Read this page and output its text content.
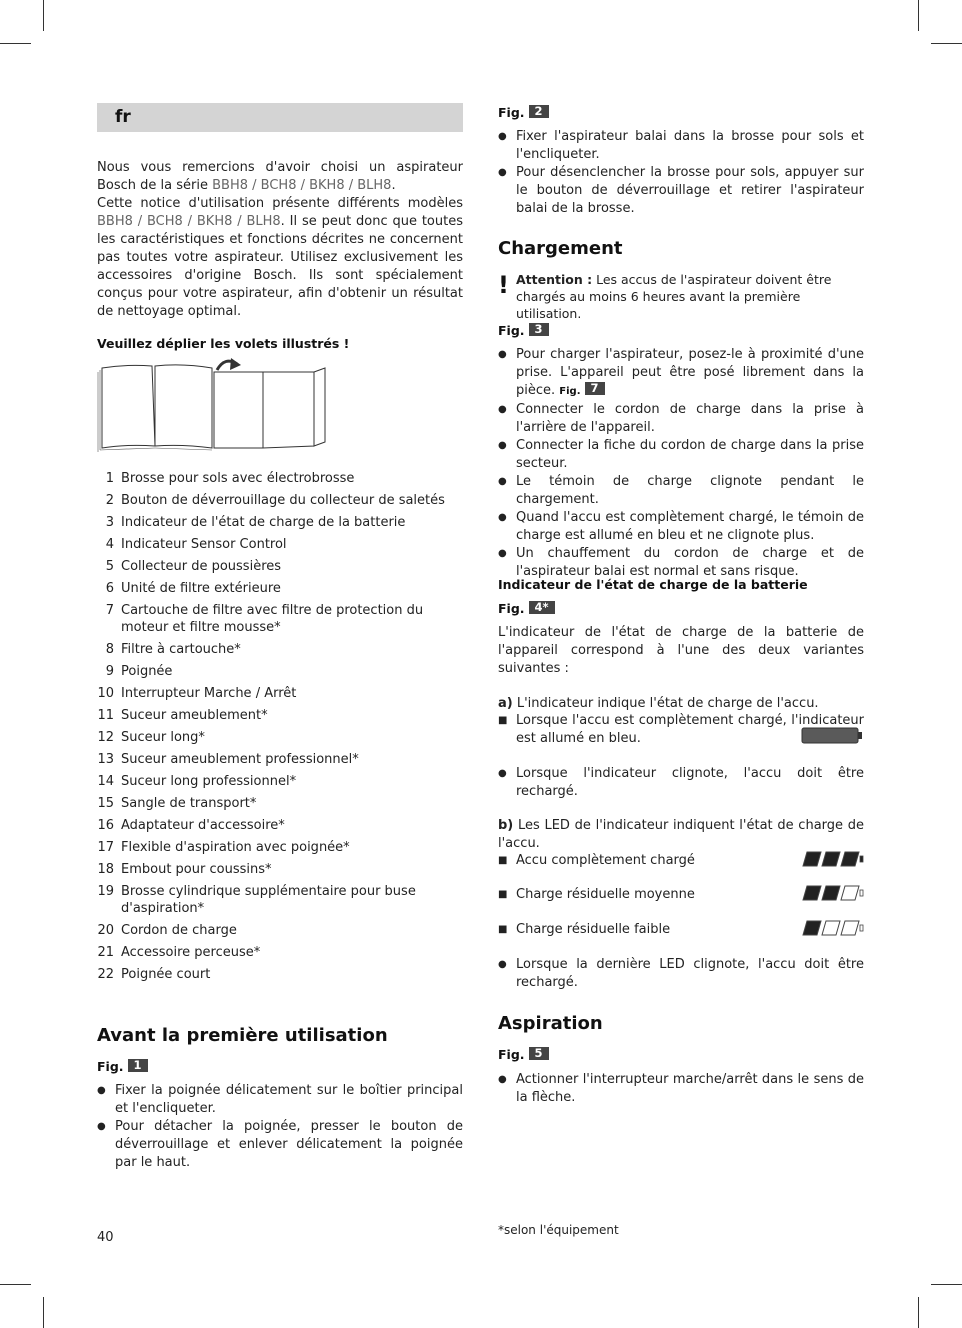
fr

Nous vous remercions d'avoir choisi un aspirateur Bosch de la série BBH8 / BCH8 / BKH8 / BLH8.

Cette notice d'utilisation présente différents modèles BBH8 / BCH8 / BKH8 / BLH8. Il se peut donc que toutes les caractéristiques et fonctions décrites ne concernent pas toutes votre aspirateur. Utilisez exclusivement les accessoires d'origine Bosch. Ils sont spécialement conçus pour votre aspirateur, afin d'obtenir un résultat de nettoyage optimal.

Veuillez déplier les volets illustrés !
1 Brosse pour sols avec électrobrosse
2 Bouton de déverrouillage du collecteur de saletés
3 Indicateur de l'état de charge de la batterie
4 Indicateur Sensor Control
5 Collecteur de poussières
6 Unité de filtre extérieure
7 Cartouche de filtre avec filtre de protection du moteur et filtre mousse*
8 Filtre à cartouche*
9 Poignée
10 Interrupteur Marche / Arrêt
11 Suceur ameublement*
12 Suceur long*
13 Suceur ameublement professionnel*
14 Suceur long professionnel*
15 Sangle de transport*
16 Adaptateur d'accessoire*
17 Flexible d'aspiration avec poignée*
18 Embout pour coussins*
19 Brosse cylindrique supplémentaire pour buse d'aspiration*
20 Cordon de charge
21 Accessoire perceuse*
22 Poignée court
Avant la première utilisation
Fig. 1
● Fixer la poignée délicatement sur le boîtier principal et l'encliqueter.
● Pour détacher la poignée, presser le bouton de déverrouillage et enlever délicatement la poignée par le haut.
40
Fig. 2
● Fixer l'aspirateur balai dans la brosse pour sols et l'encliqueter.
● Pour désenclencher la brosse pour sols, appuyer sur le bouton de déverrouillage et retirer l'aspirateur balai de la brosse.
Chargement
! Attention : Les accus de l'aspirateur doivent être chargés au moins 6 heures avant la première utilisation.
Fig. 3
● Pour charger l'aspirateur, posez-le à proximité d'une prise. L'appareil peut être posé librement dans la pièce. Fig. 7
● Connecter le cordon de charge dans la prise à l'arrière de l'appareil.
● Connecter la fiche du cordon de charge dans la prise secteur.
● Le témoin de charge clignote pendant le chargement.
● Quand l'accu est complètement chargé, le témoin de charge est allumé en bleu et ne clignote plus.
● Un chauffement du cordon de charge et de l'aspirateur balai est normal et sans risque.
Indicateur de l'état de charge de la batterie
Fig. 4*

L'indicateur de l'état de charge de la batterie de l'appareil correspond à l'une des deux variantes suivantes :

a) L'indicateur indique l'état de charge de l'accu.
■ Lorsque l'accu est complètement chargé, l'indicateur est allumé en bleu.
● Lorsque l'indicateur clignote, l'accu doit être rechargé.
b) Les LED de l'indicateur indiquent l'état de charge de l'accu.
■ Accu complètement chargé
■ Charge résiduelle moyenne
■ Charge résiduelle faible
● Lorsque la dernière LED clignote, l'accu doit être rechargé.
Aspiration
Fig. 5
● Actionner l'interrupteur marche/arrêt dans le sens de la flèche.
*selon l'équipement
